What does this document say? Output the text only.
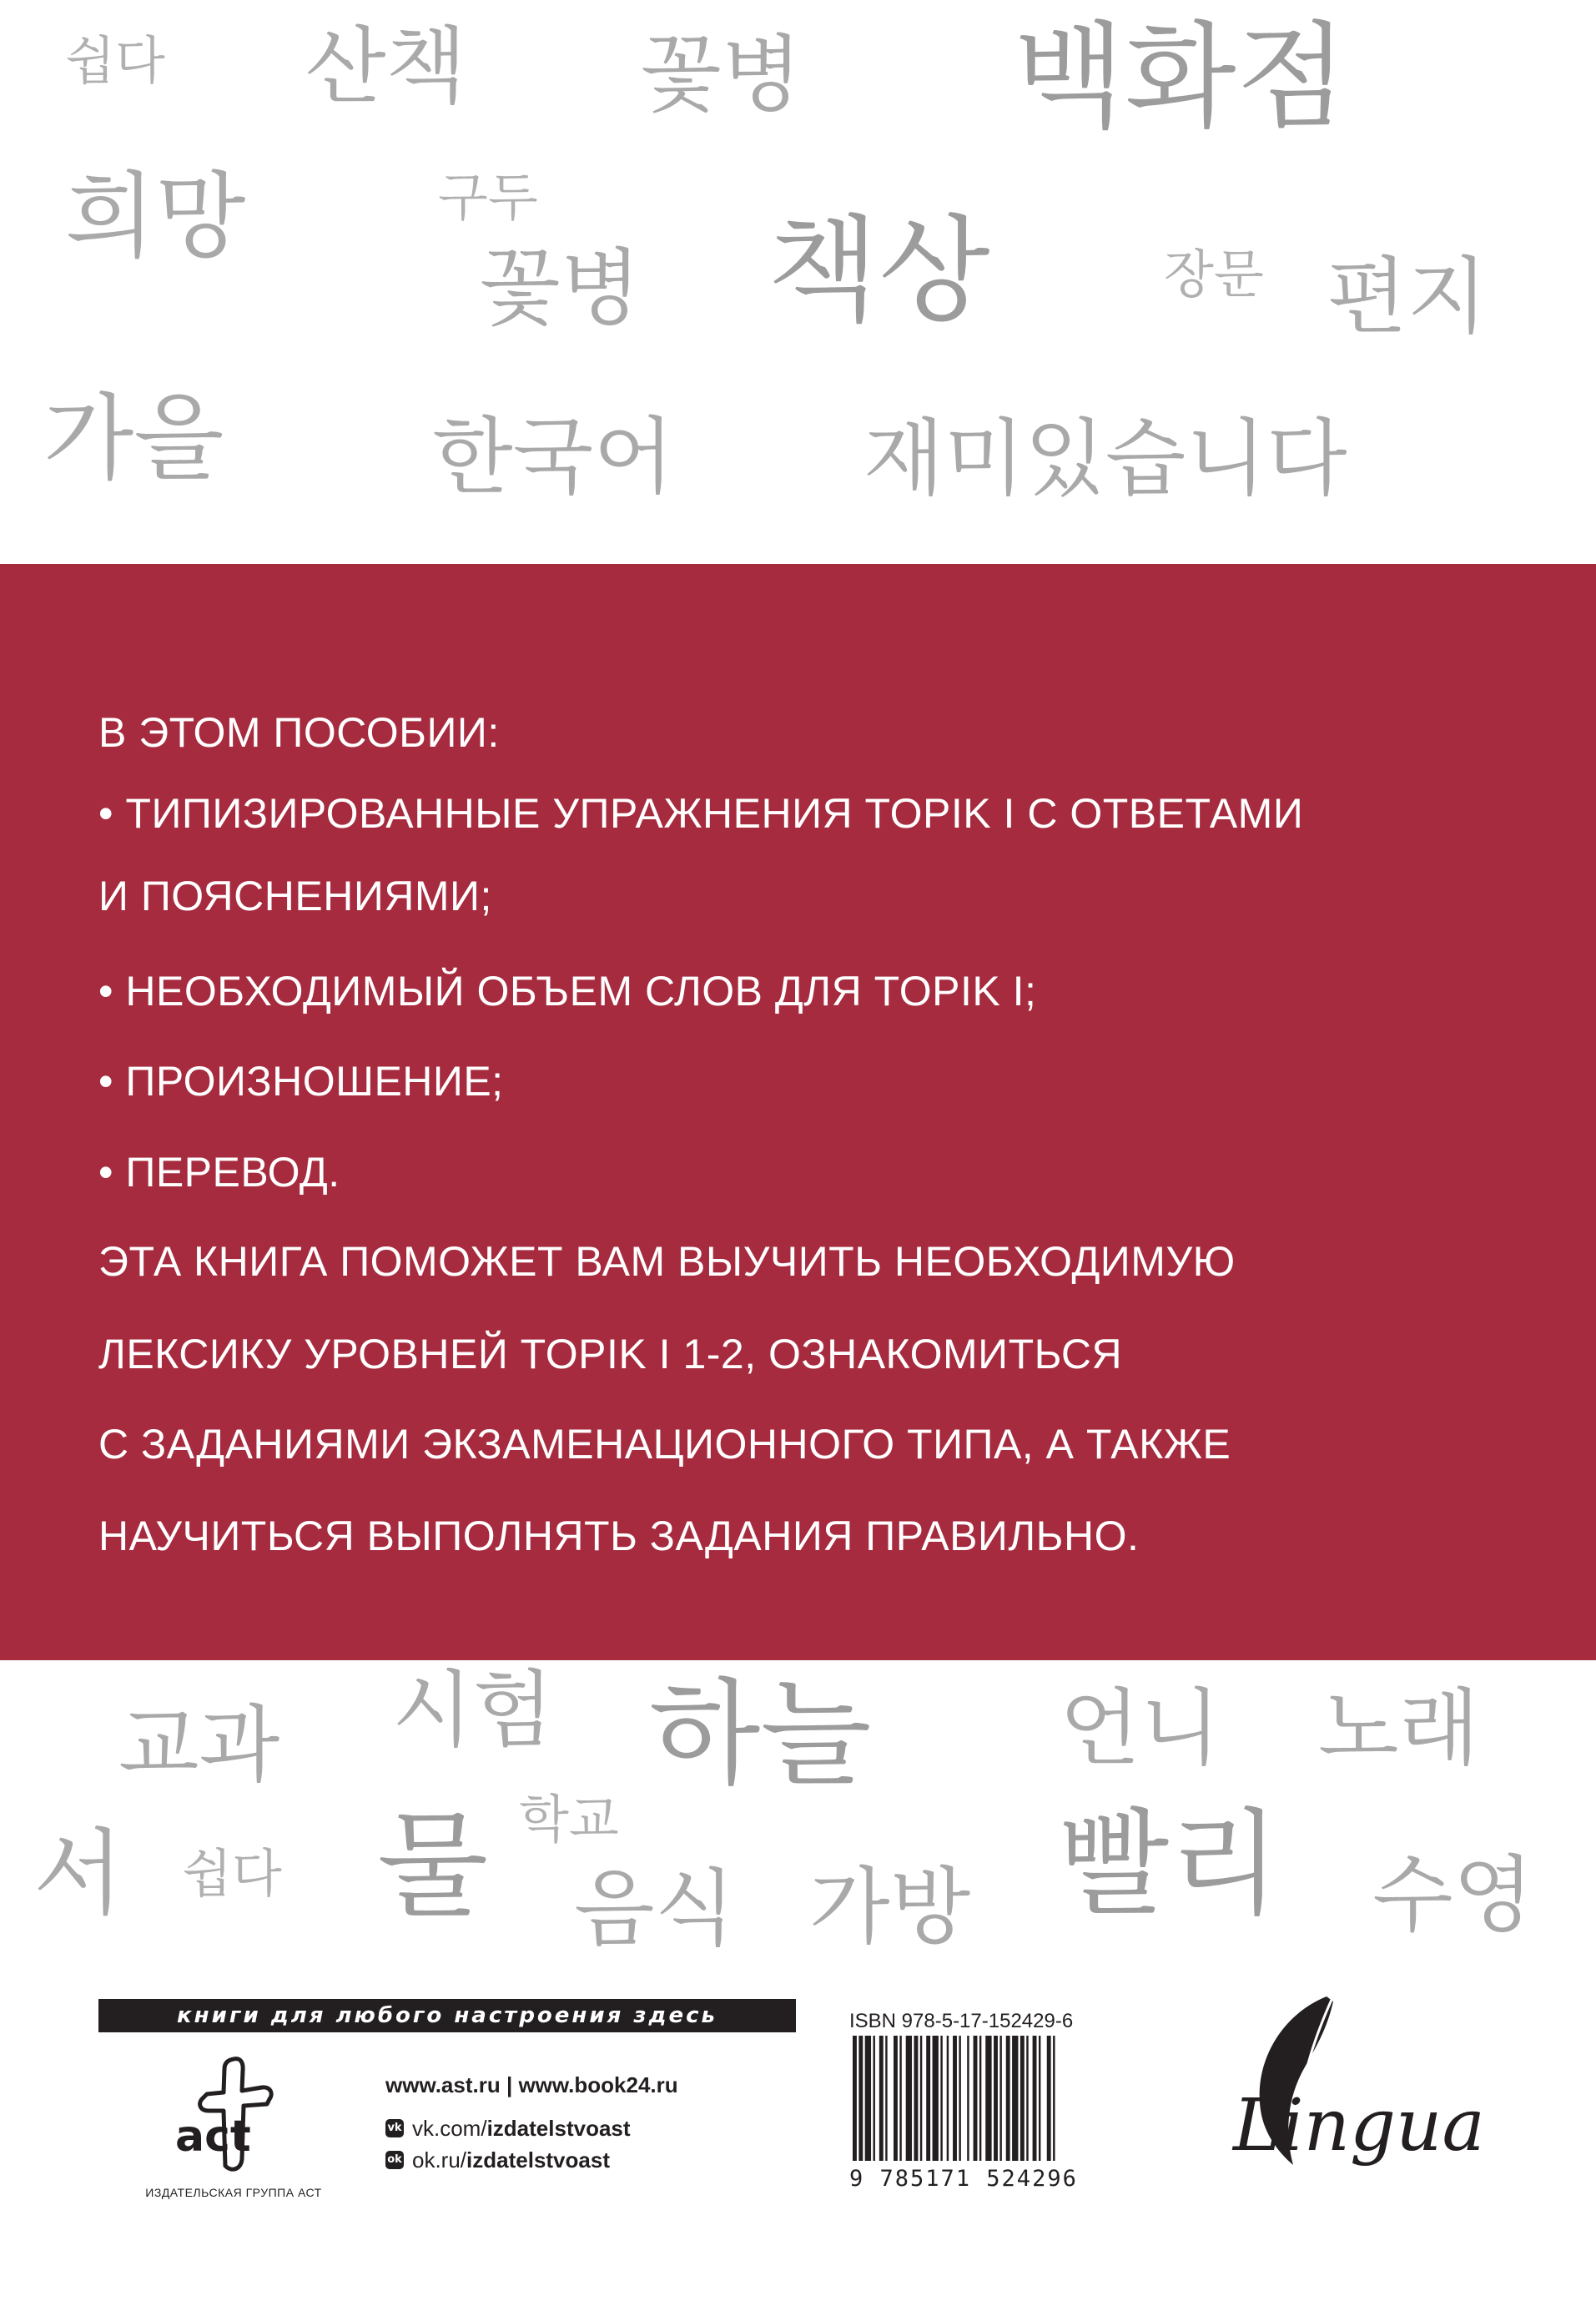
쉽다 산책 꽃병 백화점
희망	구두
꽃병 책상	장문 편지
가을 한국어 재미있습니다
В ЭТОМ ПОСОБИИ:
• ТИПИЗИРОВАННЫЕ УПРАЖНЕНИЯ TOPIK I С ОТВЕТАМИ
И ПОЯСНЕНИЯМИ;
• НЕОБХОДИМЫЙ ОБЪЕМ СЛОВ ДЛЯ TOPIK I;
• ПРОИЗНОШЕНИЕ;
• ПЕРЕВОД.
ЭТА КНИГА ПОМОЖЕТ ВАМ ВЫУЧИТЬ НЕОБХОДИМУЮ
ЛЕКСИКУ УРОВНЕЙ TOPIK I 1-2, ОЗНАКОМИТЬСЯ
С ЗАДАНИЯМИ ЭКЗАМЕНАЦИОННОГО ТИПА, А ТАКЖЕ
НАУЧИТЬСЯ ВЫПОЛНЯТЬ ЗАДАНИЯ ПРАВИЛЬНО.
교과 시험 하늘 언니 노래
학교
서 쉽다 물 음식 가방 빨리 수영
книги для любого настроения здесь
act
ИЗДАТЕЛЬСКАЯ ГРУППА АСТ
www.ast.ru | www.book24.ru
vk vk.com/izdatelstvoast
ok ok.ru/izdatelstvoast
ISBN 978-5-17-152429-6
9 785171 524296
Lingua
